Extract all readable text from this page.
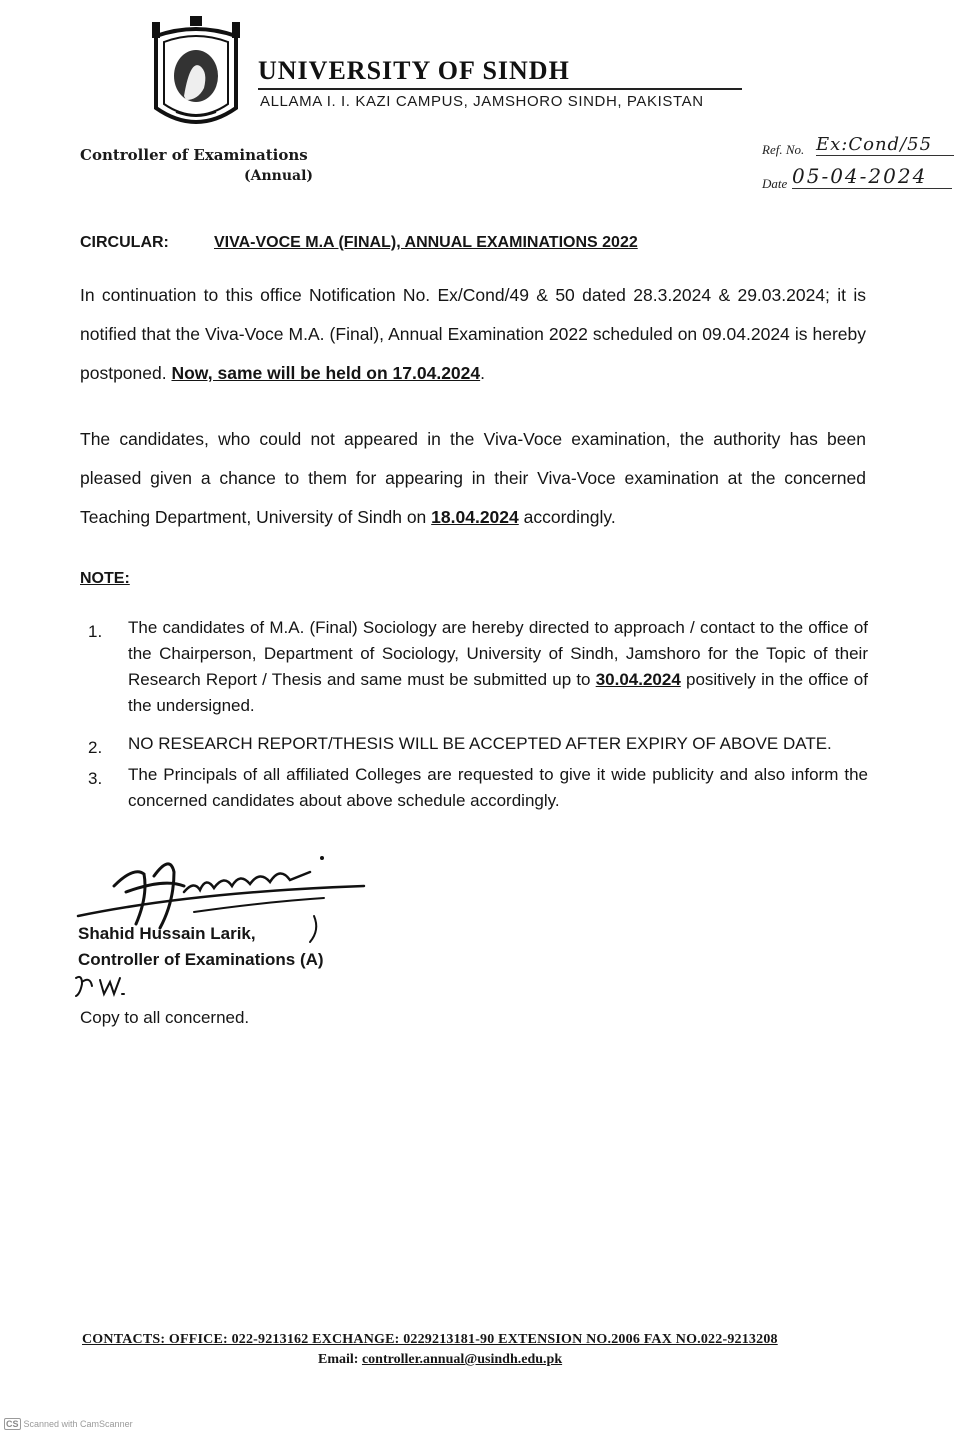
UNIVERSITY OF SINDH
ALLAMA I. I. KAZI CAMPUS, JAMSHORO SINDH, PAKISTAN
Controller of Examinations
(Annual)
Ref. No. Ex:Cond/55
Date 05-04-2024
CIRCULAR:	VIVA-VOCE M.A (FINAL), ANNUAL EXAMINATIONS 2022
In continuation to this office Notification No. Ex/Cond/49 & 50 dated 28.3.2024 & 29.03.2024; it is notified that the Viva-Voce M.A. (Final), Annual Examination 2022 scheduled on 09.04.2024 is hereby postponed. Now, same will be held on 17.04.2024.
The candidates, who could not appeared in the Viva-Voce examination, the authority has been pleased given a chance to them for appearing in their Viva-Voce examination at the concerned Teaching Department, University of Sindh on 18.04.2024 accordingly.
NOTE:
1.	The candidates of M.A. (Final) Sociology are hereby directed to approach / contact to the office of the Chairperson, Department of Sociology, University of Sindh, Jamshoro for the Topic of their Research Report / Thesis and same must be submitted up to 30.04.2024 positively in the office of the undersigned.
2.	NO RESEARCH REPORT/THESIS WILL BE ACCEPTED AFTER EXPIRY OF ABOVE DATE.
3.	The Principals of all affiliated Colleges are requested to give it wide publicity and also inform the concerned candidates about above schedule accordingly.
Shahid Hussain Larik,
Controller of Examinations (A)
Copy to all concerned.
CONTACTS: OFFICE: 022-9213162 EXCHANGE: 0229213181-90 EXTENSION NO.2006 FAX NO.022-9213208
Email: controller.annual@usindh.edu.pk
CS Scanned with CamScanner
